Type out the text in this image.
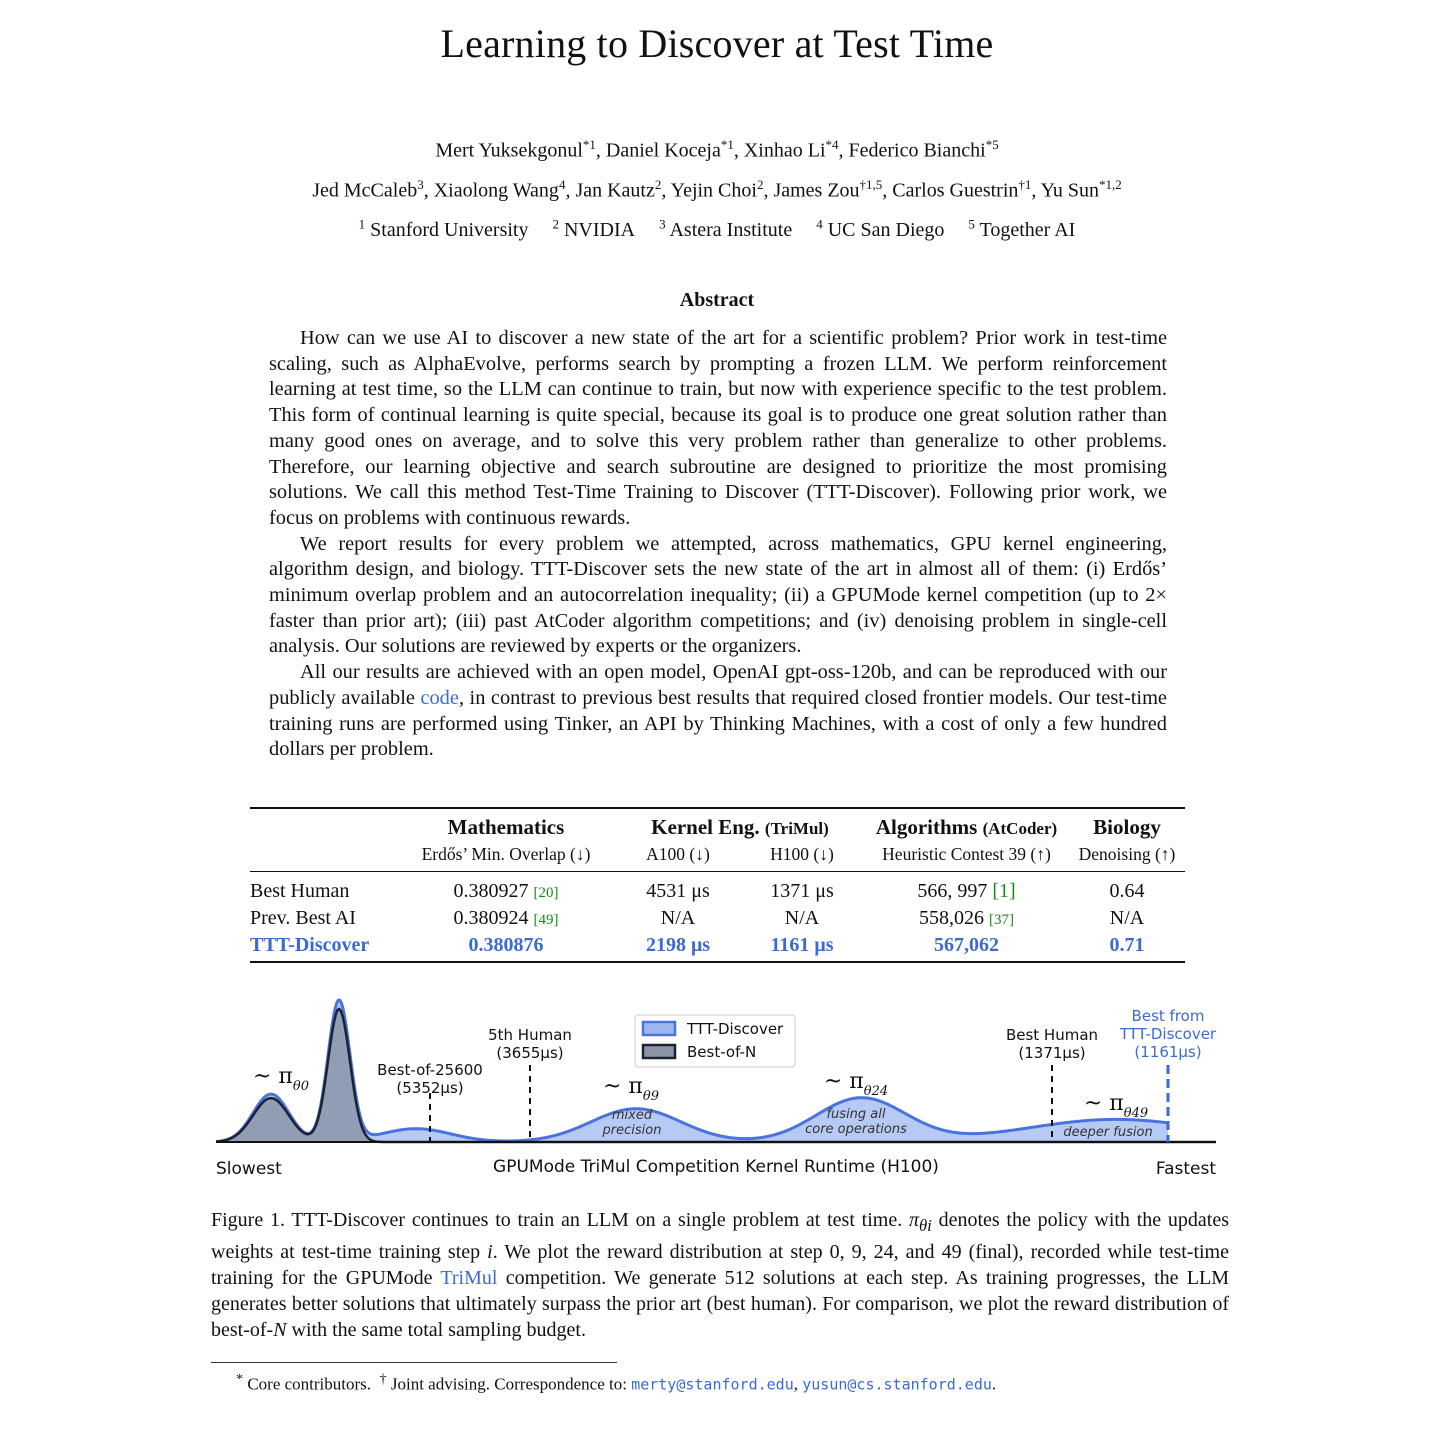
Learning to Discover at Test Time
Mert Yuksekgonul$^{*1}$, Daniel Koceja$^{*1}$, Xinhao Li$^{*4}$, Federico Bianchi$^{*5}$
Jed McCaleb$^3$, Xiaolong Wang$^4$, Jan Kautz$^2$, Yejin Choi$^2$, James Zou$^{\dagger 1,5}$, Carlos Guestrin$^{\dagger 1}$, Yu Sun$^{*1,2}$
$^1$ Stanford University $^2$ NVIDIA $^3$ Astera Institute $^4$ UC San Diego $^5$ Together AI
Abstract

How can we use AI to discover a new state of the art for a scientific problem? Prior work in test-time scaling, such as AlphaEvolve, performs search by prompting a frozen LLM. We perform reinforcement learning at test time, so the LLM can continue to train, but now with experience specific to the test problem. This form of continual learning is quite special, because its goal is to produce one great solution rather than many good ones on average, and to solve this very problem rather than generalize to other problems. Therefore, our learning objective and search subroutine are designed to prioritize the most promising solutions. We call this method Test-Time Training to Discover (TTT-Discover). Following prior work, we focus on problems with continuous rewards.

We report results for every problem we attempted, across mathematics, GPU kernel engineering, algorithm design, and biology. TTT-Discover sets the new state of the art in almost all of them: (i) Erdős’ minimum overlap problem and an autocorrelation inequality; (ii) a GPUMode kernel competition (up to 2× faster than prior art); (iii) past AtCoder algorithm competitions; and (iv) denoising problem in single-cell analysis. Our solutions are reviewed by experts or the organizers.

All our results are achieved with an open model, OpenAI gpt-oss-120b, and can be reproduced with our publicly available code, in contrast to previous best results that required closed frontier models. Our test-time training runs are performed using Tinker, an API by Thinking Machines, with a cost of only a few hundred dollars per problem.

	Mathematics	Kernel Eng. (TriMul)		Algorithms (AtCoder)	Biology
	Erdős’ Min. Overlap (↓)	A100 (↓)	H100 (↓)	Heuristic Contest 39 (↑)	Denoising (↑)
Best Human	0.380927 [20]	4531 μs	1371 μs	566, 997 [1]	0.64
Prev. Best AI	0.380924 [49]	N/A	N/A	558,026 [37]	N/A
TTT-Discover	0.380876	2198 μs	1161 μs	567,062	0.71
Best-of-25600
(5352μs)
5th Human
(3655μs)
Best Human
(1371μs)
Best from
TTT-Discover
(1161μs)
~ $\pi_{\theta 0}$	~ $\pi_{\theta 9}$
~ $\pi_{\theta 24}$	~ $\pi_{\theta 49}$
mixed
precision
fusing all
core operations	deeper fusion
TTT-Discover
Best-of-N
Slowest	GPUMode TriMul Competition Kernel Runtime (H100)	Fastest
Figure 1. TTT-Discover continues to train an LLM on a single problem at test time. $\pi_{\theta i}$ denotes the policy with the updates weights at test-time training step i. We plot the reward distribution at step 0, 9, 24, and 49 (final), recorded while test-time training for the GPUMode TriMul competition. We generate 512 solutions at each step. As training progresses, the LLM generates better solutions that ultimately surpass the prior art (best human). For comparison, we plot the reward distribution of best-of-N with the same total sampling budget.
* Core contributors. † Joint advising. Correspondence to: merty@stanford.edu, yusun@cs.stanford.edu.
